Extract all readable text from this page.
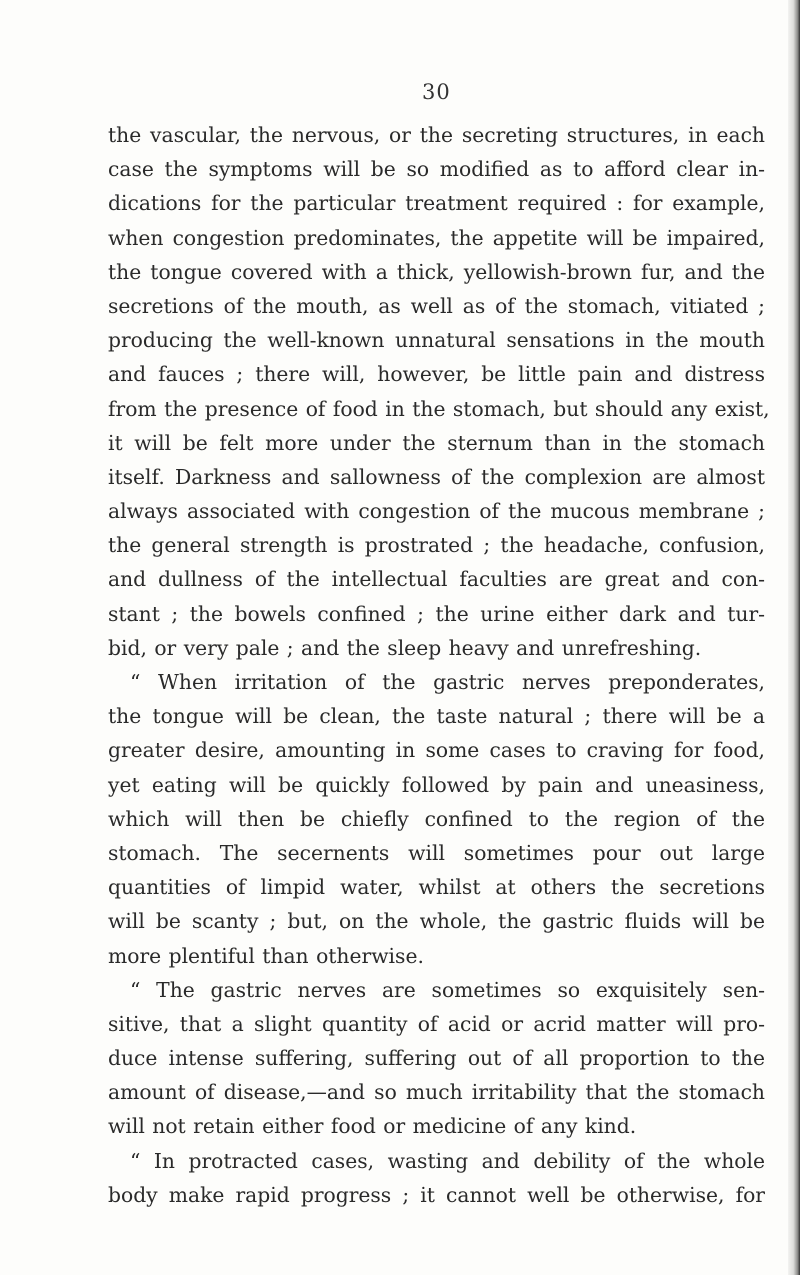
30
the vascular, the nervous, or the secreting structures, in each
case the symptoms will be so modified as to afford clear in-
dications for the particular treatment required : for example,
when congestion predominates, the appetite will be impaired,
the tongue covered with a thick, yellowish-brown fur, and the
secretions of the mouth, as well as of the stomach, vitiated ;
producing the well-known unnatural sensations in the mouth
and fauces ; there will, however, be little pain and distress
from the presence of food in the stomach, but should any exist,
it will be felt more under the sternum than in the stomach
itself. Darkness and sallowness of the complexion are almost
always associated with congestion of the mucous membrane ;
the general strength is prostrated ; the headache, confusion,
and dullness of the intellectual faculties are great and con-
stant ; the bowels confined ; the urine either dark and tur-
bid, or very pale ; and the sleep heavy and unrefreshing.
“ When irritation of the gastric nerves preponderates,
the tongue will be clean, the taste natural ; there will be a
greater desire, amounting in some cases to craving for food,
yet eating will be quickly followed by pain and uneasiness,
which will then be chiefly confined to the region of the
stomach. The secernents will sometimes pour out large
quantities of limpid water, whilst at others the secretions
will be scanty ; but, on the whole, the gastric fluids will be
more plentiful than otherwise.
“ The gastric nerves are sometimes so exquisitely sen-
sitive, that a slight quantity of acid or acrid matter will pro-
duce intense suffering, suffering out of all proportion to the
amount of disease,—and so much irritability that the stomach
will not retain either food or medicine of any kind.
“ In protracted cases, wasting and debility of the whole
body make rapid progress ; it cannot well be otherwise, for
